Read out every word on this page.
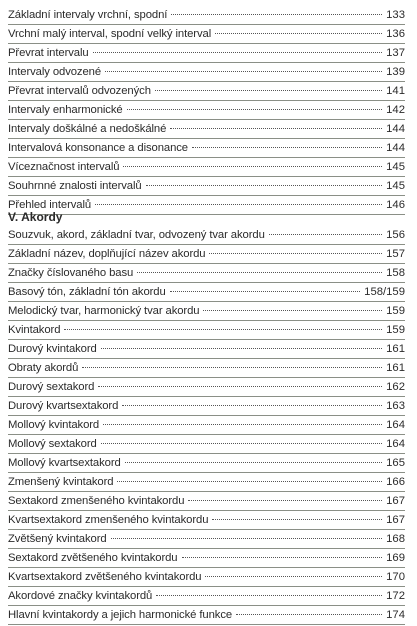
Základní intervaly vrchní, spodní	133
Vrchní malý interval, spodní velký interval	136
Převrat intervalu	137
Intervaly odvozené	139
Převrat intervalů odvozených	141
Intervaly enharmonické	142
Intervaly doškálné a nedoškálné	144
Intervalová konsonance a disonance	144
Víceznačnost intervalů	145
Souhrnné znalosti intervalů	145
Přehled intervalů	146
V. Akordy
Souzvuk, akord, základní tvar, odvozený tvar akordu	156
Základní název, doplňující název akordu	157
Značky číslovaného basu	158
Basový tón, základní tón akordu	158/159
Melodický tvar, harmonický tvar akordu	159
Kvintakord	159
Durový kvintakord	161
Obraty akordů	161
Durový sextakord	162
Durový kvartsextakord	163
Mollový kvintakord	164
Mollový sextakord	164
Mollový kvartsextakord	165
Zmenšený kvintakord	166
Sextakord zmenšeného kvintakordu	167
Kvartsextakord zmenšeného kvintakordu	167
Zvětšený kvintakord	168
Sextakord zvětšeného kvintakordu	169
Kvartsextakord zvětšeného kvintakordu	170
Akordové značky kvintakordů	172
Hlavní kvintakordy a jejich harmonické funkce	174
